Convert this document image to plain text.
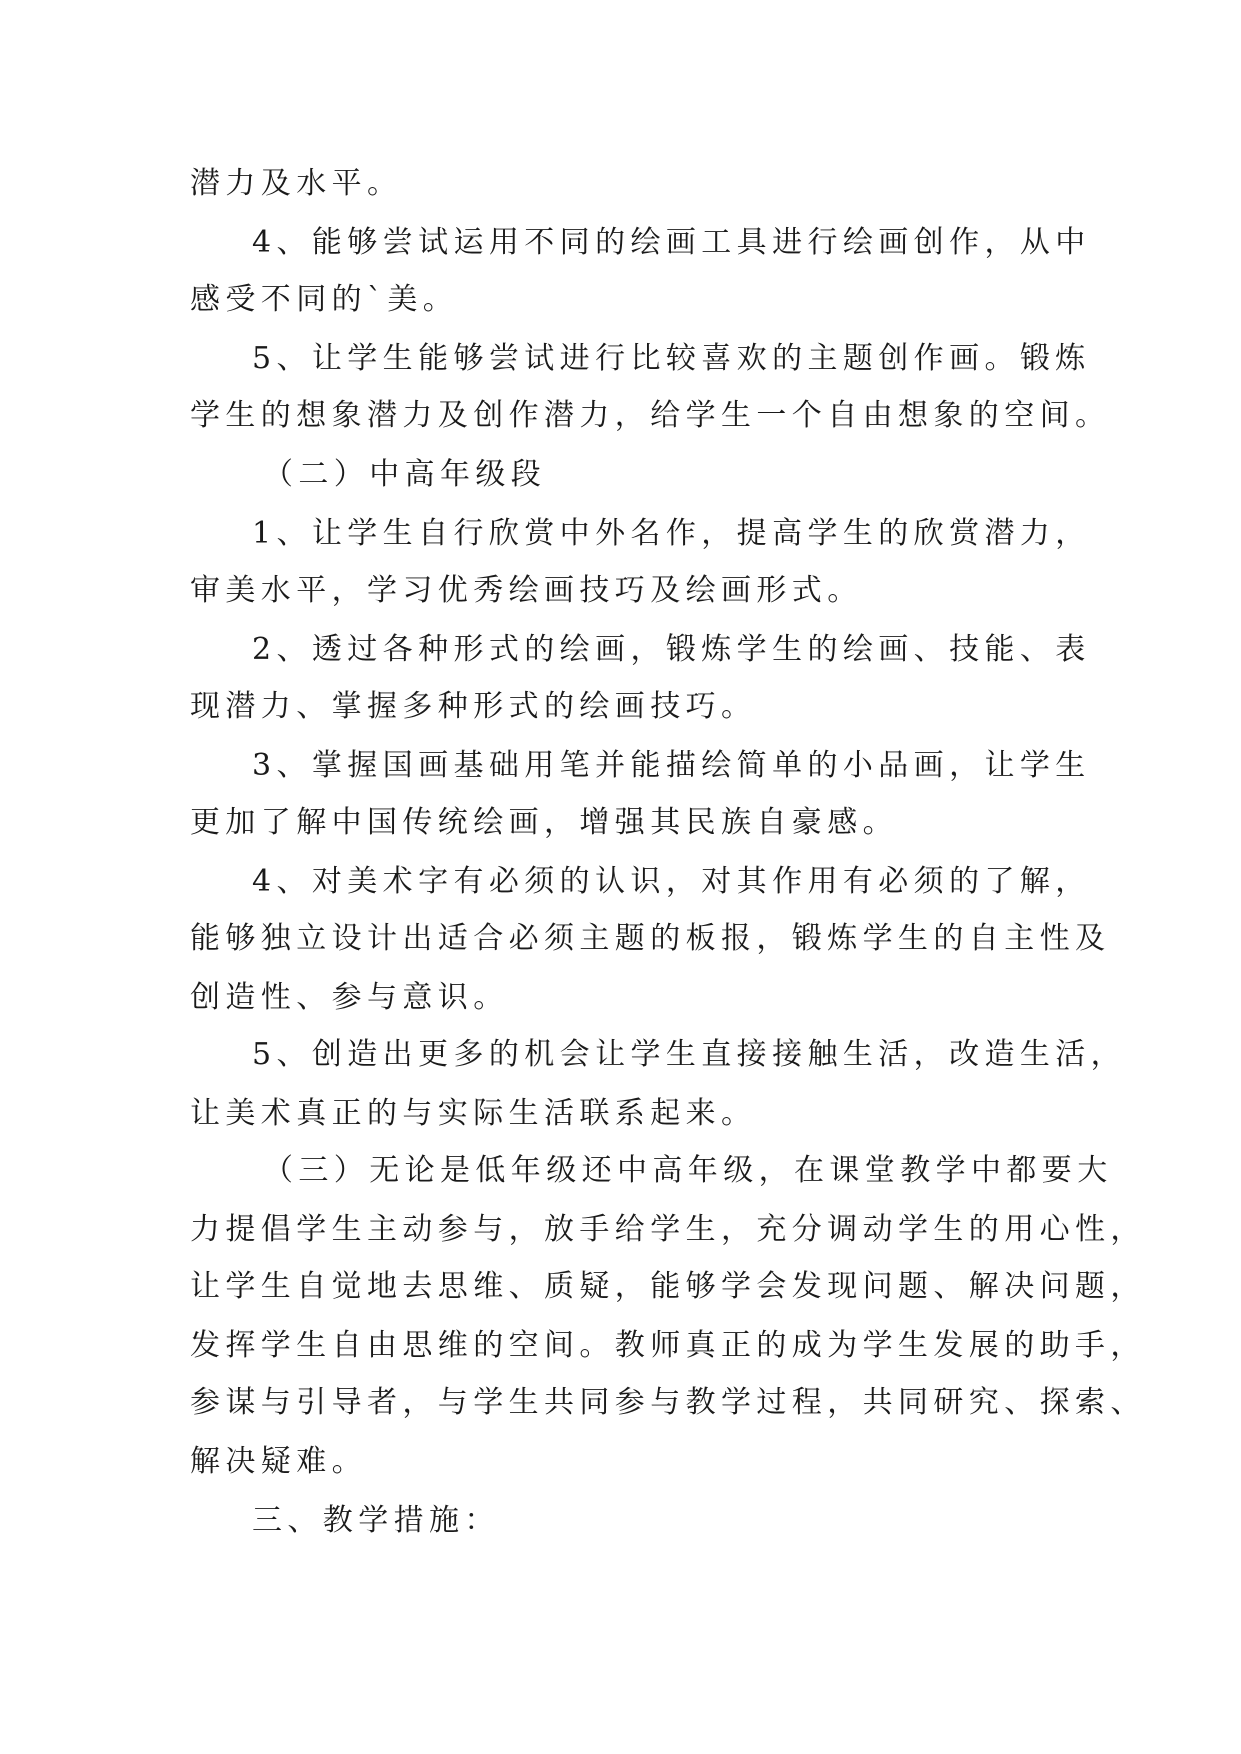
潜力及水平。
4、能够尝试运用不同的绘画工具进行绘画创作，从中
感受不同的`美。
5、让学生能够尝试进行比较喜欢的主题创作画。锻炼
学生的想象潜力及创作潜力，给学生一个自由想象的空间。
（二）中高年级段
1、让学生自行欣赏中外名作，提高学生的欣赏潜力，
审美水平，学习优秀绘画技巧及绘画形式。
2、透过各种形式的绘画，锻炼学生的绘画、技能、表
现潜力、掌握多种形式的绘画技巧。
3、掌握国画基础用笔并能描绘简单的小品画，让学生
更加了解中国传统绘画，增强其民族自豪感。
4、对美术字有必须的认识，对其作用有必须的了解，
能够独立设计出适合必须主题的板报，锻炼学生的自主性及
创造性、参与意识。
5、创造出更多的机会让学生直接接触生活，改造生活，
让美术真正的与实际生活联系起来。
（三）无论是低年级还中高年级，在课堂教学中都要大
力提倡学生主动参与，放手给学生，充分调动学生的用心性，
让学生自觉地去思维、质疑，能够学会发现问题、解决问题，
发挥学生自由思维的空间。教师真正的成为学生发展的助手，
参谋与引导者，与学生共同参与教学过程，共同研究、探索、
解决疑难。
三、教学措施：
